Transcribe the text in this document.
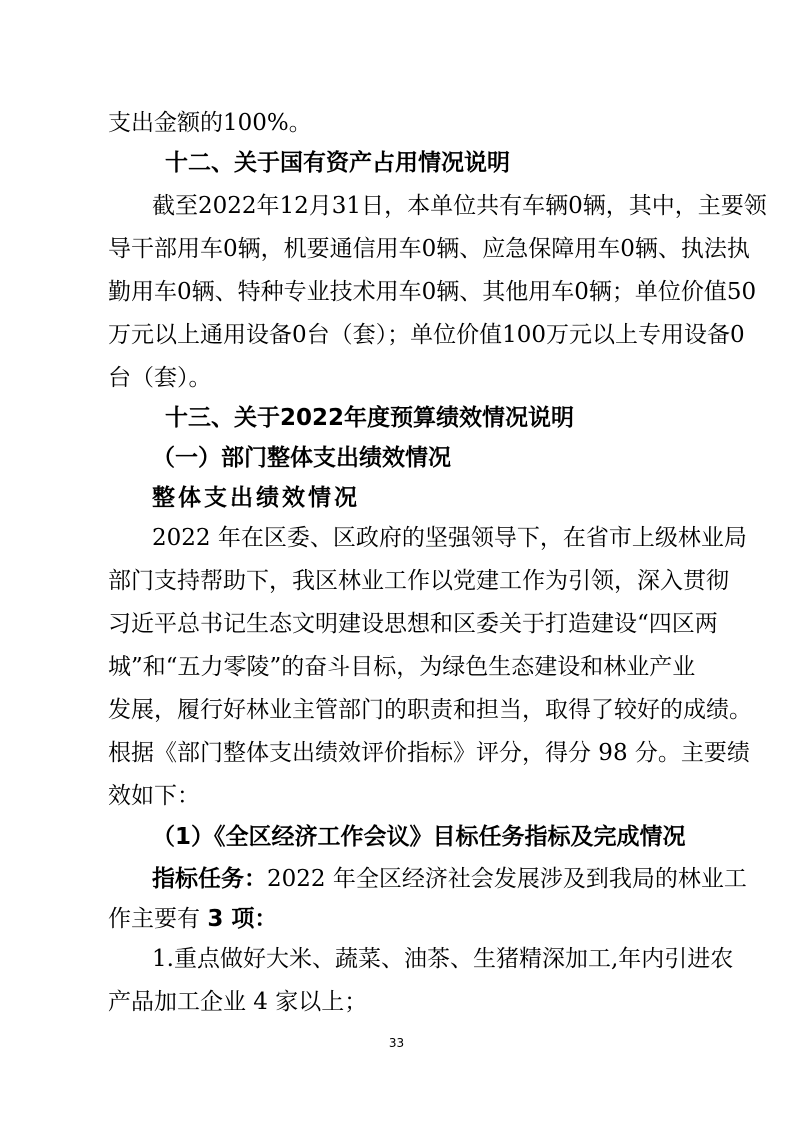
支出金额的100%。
十二、关于国有资产占用情况说明
截至2022年12月31日，本单位共有车辆0辆，其中，主要领
导干部用车0辆，机要通信用车0辆、应急保障用车0辆、执法执
勤用车0辆、特种专业技术用车0辆、其他用车0辆；单位价值50
万元以上通用设备0台（套）；单位价值100万元以上专用设备0
台（套）。
十三、关于2022年度预算绩效情况说明
（一）部门整体支出绩效情况
整体支出绩效情况
2022 年在区委、区政府的坚强领导下，在省市上级林业局
部门支持帮助下，我区林业工作以党建工作为引领，深入贯彻
习近平总书记生态文明建设思想和区委关于打造建设“四区两
城”和“五力零陵”的奋斗目标，为绿色生态建设和林业产业
发展，履行好林业主管部门的职责和担当，取得了较好的成绩。
根据《部门整体支出绩效评价指标》评分，得分 98 分。主要绩
效如下：
（1）《全区经济工作会议》目标任务指标及完成情况
指标任务：2022 年全区经济社会发展涉及到我局的林业工
作主要有 3 项：
1.重点做好大米、蔬菜、油茶、生猪精深加工,年内引进农
产品加工企业 4 家以上；
33
